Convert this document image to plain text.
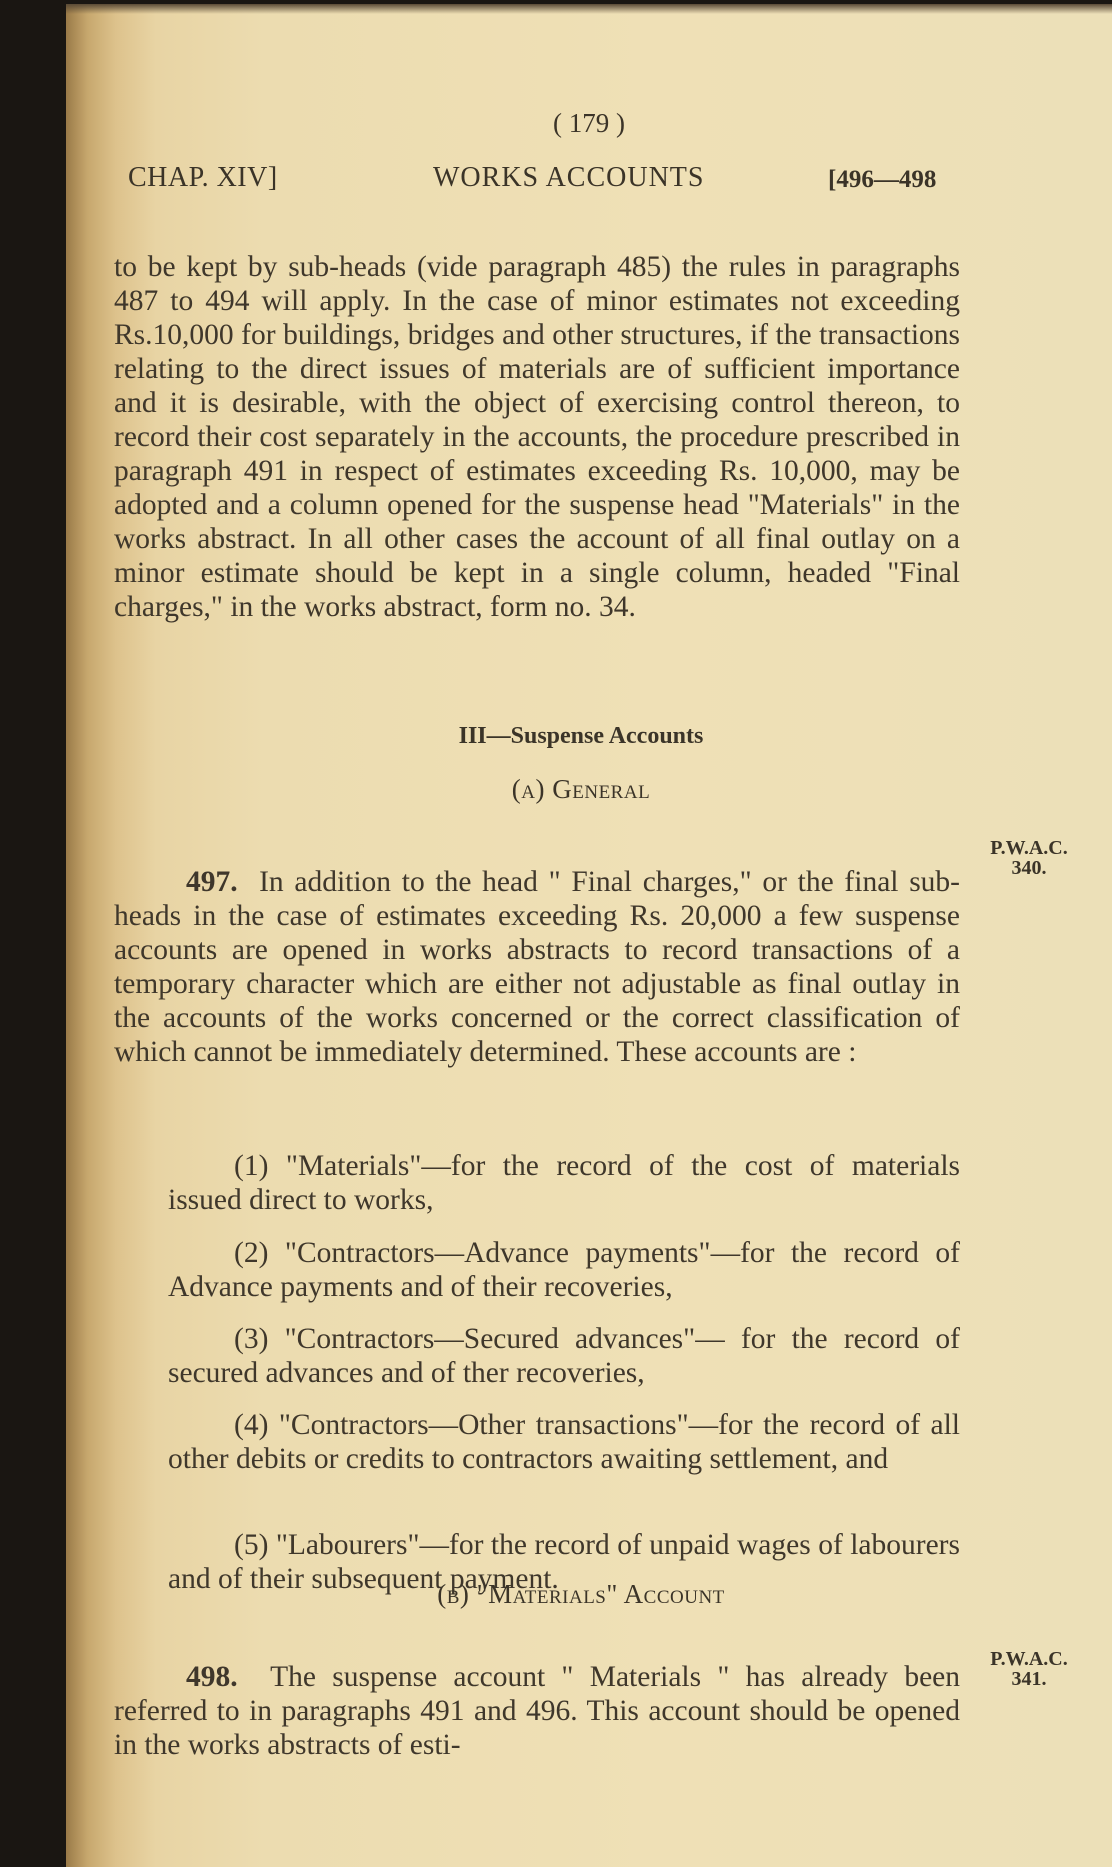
( 179 )
CHAP. XIV]	WORKS ACCOUNTS	[496—498

to be kept by sub-heads (vide paragraph 485) the rules in paragraphs 487 to 494 will apply. In the case of minor estimates not exceeding Rs.10,000 for buildings, bridges and other structures, if the transactions relating to the direct issues of materials are of sufficient importance and it is desirable, with the object of exercising control thereon, to record their cost separately in the accounts, the procedure prescribed in paragraph 491 in respect of estimates exceeding Rs. 10,000, may be adopted and a column opened for the suspense head "Materials" in the works abstract. In all other cases the account of all final outlay on a minor estimate should be kept in a single column, headed "Final charges," in the works abstract, form no. 34.

III—Suspense Accounts
(a) General

497. In addition to the head " Final charges," or the final sub-heads in the case of estimates exceeding Rs. 20,000 a few suspense accounts are opened in works abstracts to record transactions of a temporary character which are either not adjustable as final outlay in the accounts of the works concerned or the correct classification of which cannot be immediately determined. These accounts are :

P.W.A.C. 340.

(1) "Materials"—for the record of the cost of materials issued direct to works,

(2) "Contractors—Advance payments"—for the record of Advance payments and of their recoveries,

(3) "Contractors—Secured advances"— for the record of secured advances and of ther recoveries,

(4) "Contractors—Other transactions"—for the record of all other debits or credits to contractors awaiting settlement, and

(5) "Labourers"—for the record of unpaid wages of labourers and of their subsequent payment.

(b) "Materials" Account

498. The suspense account " Materials " has already been referred to in paragraphs 491 and 496. This account should be opened in the works abstracts of esti-

P.W.A.C. 341.
